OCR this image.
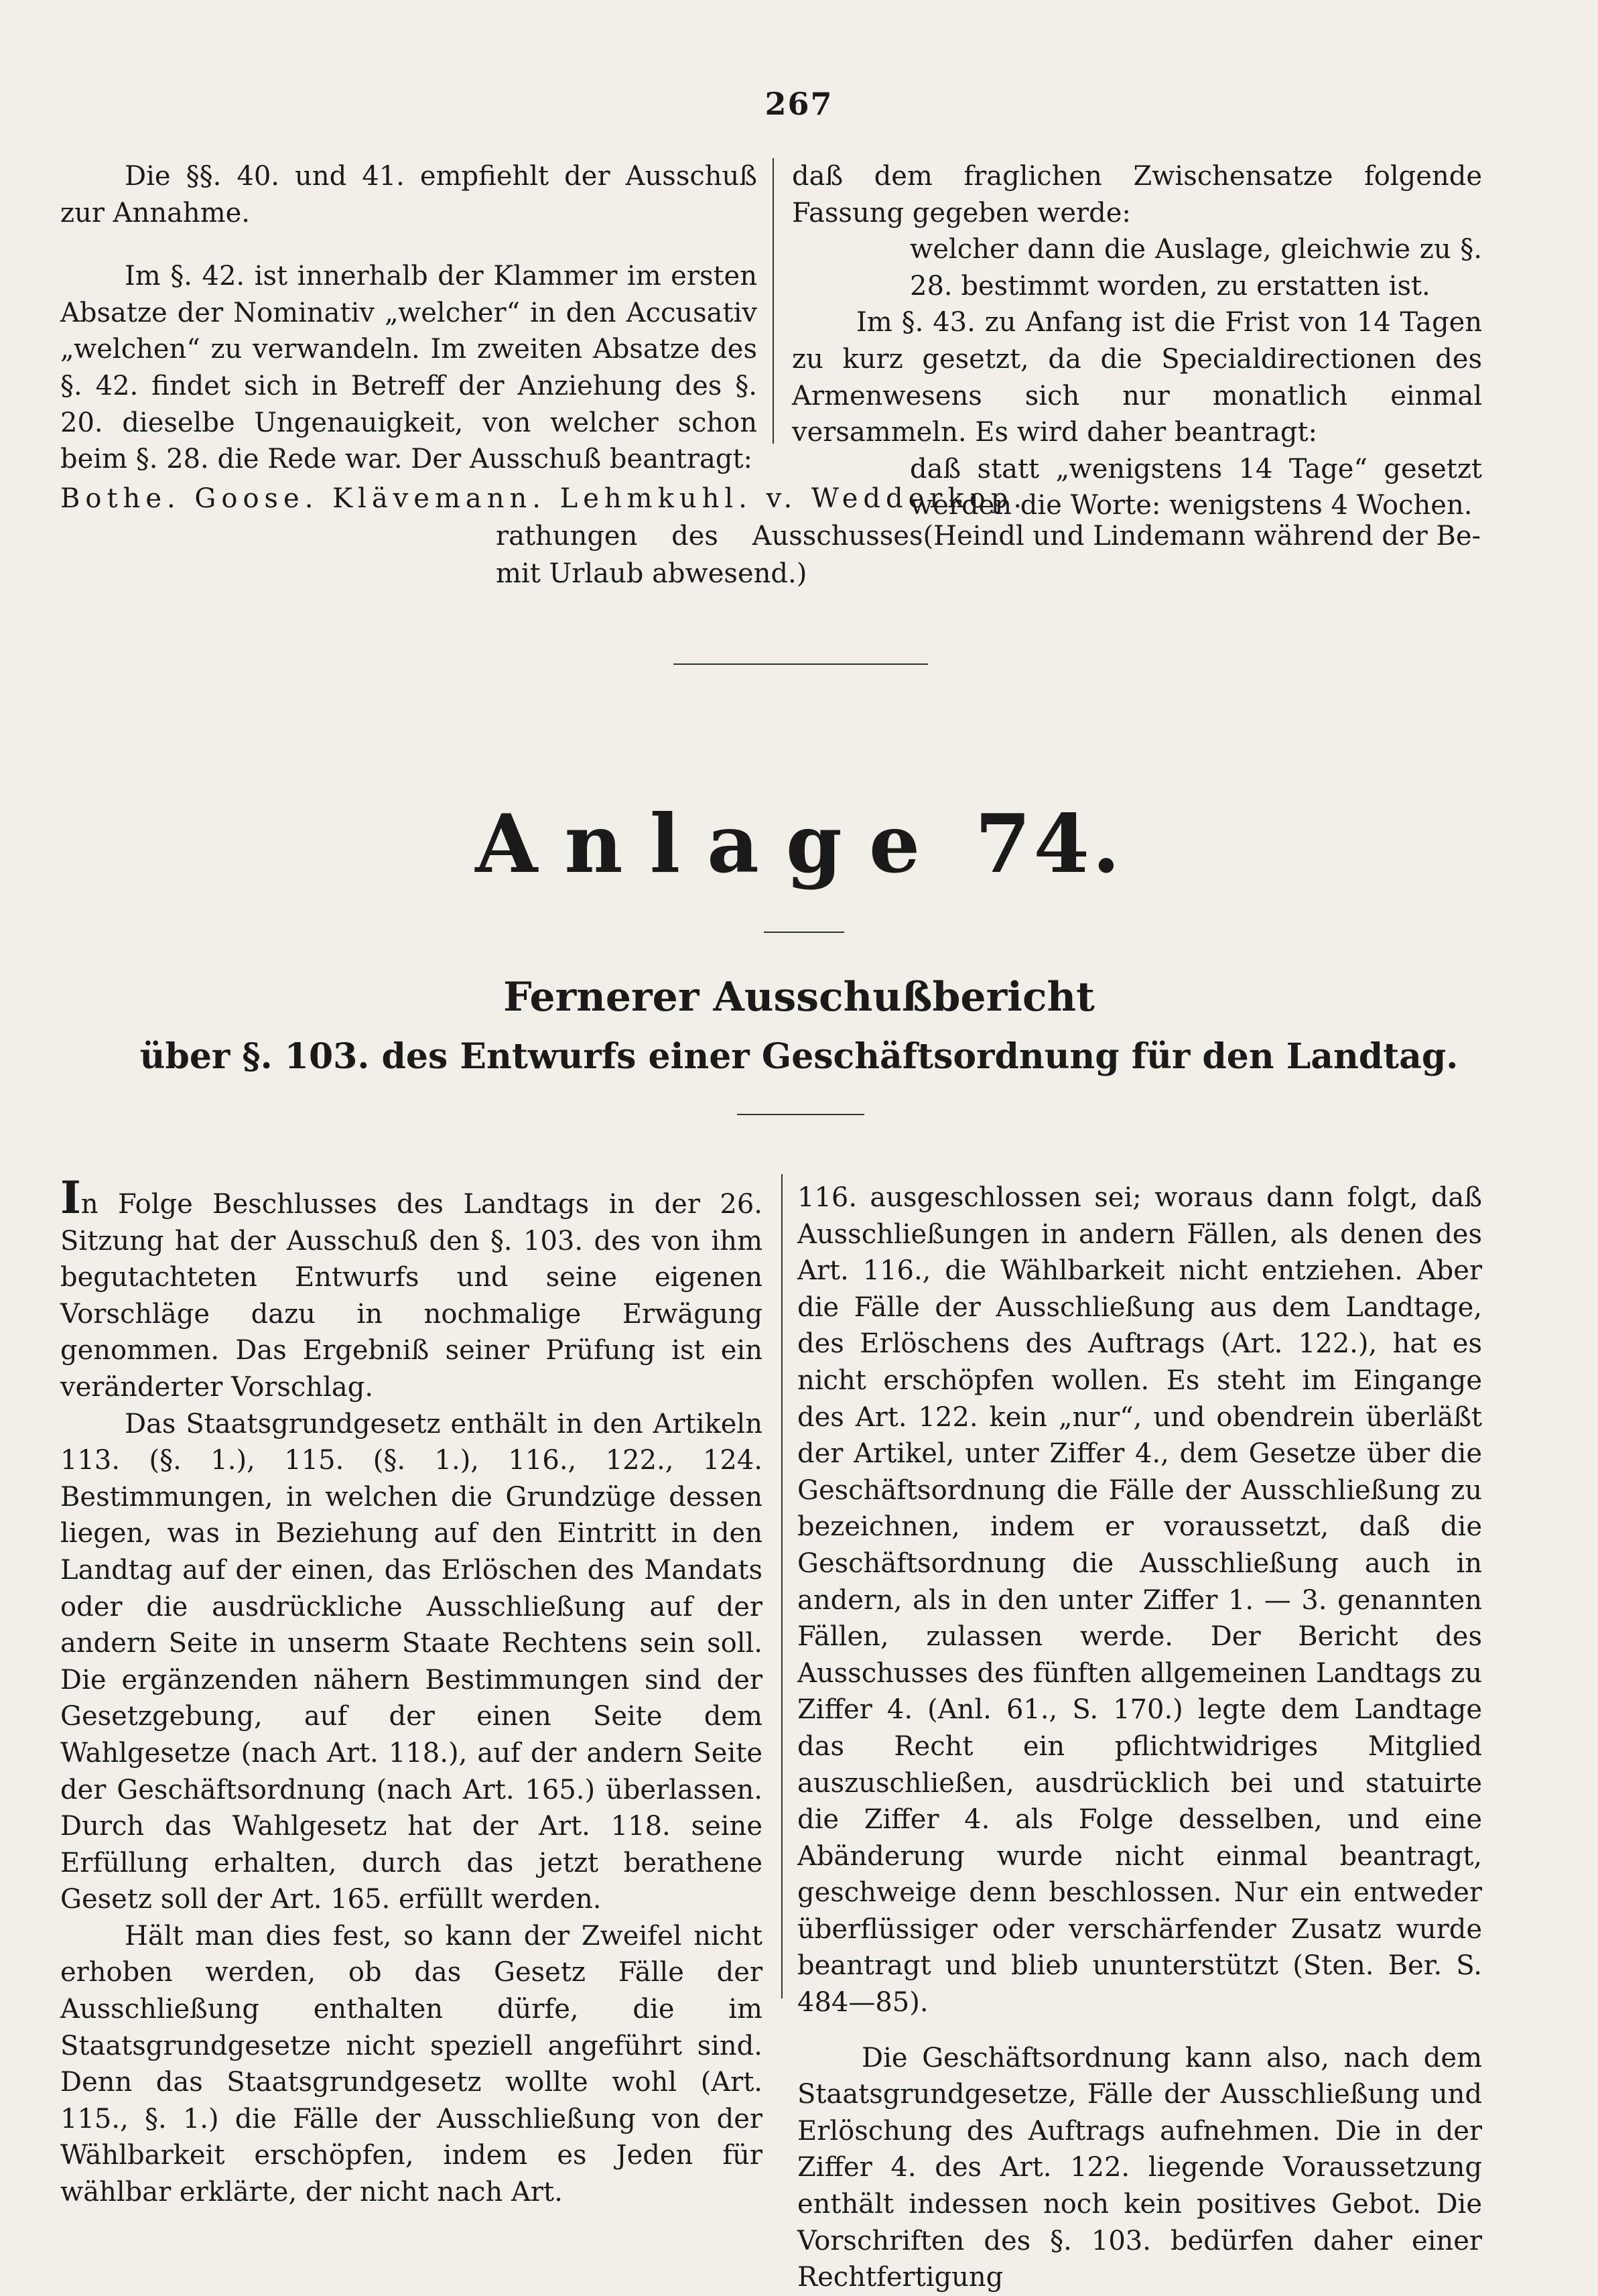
267

Die §§. 40. und 41. empfiehlt der Ausschuß zur Annahme.

Im §. 42. ist innerhalb der Klammer im ersten Absatze der Nominativ „welcher“ in den Accusativ „welchen“ zu verwandeln. Im zweiten Absatze des §. 42. findet sich in Betreff der Anziehung des §. 20. dieselbe Ungenauigkeit, von welcher schon beim §. 28. die Rede war. Der Ausschuß beantragt:

daß dem fraglichen Zwischensatze folgende Fassung gegeben werde:

welcher dann die Auslage, gleichwie zu §. 28. bestimmt worden, zu erstatten ist.

Im §. 43. zu Anfang ist die Frist von 14 Tagen zu kurz gesetzt, da die Specialdirectionen des Armenwesens sich nur monatlich einmal versammeln. Es wird daher beantragt:

daß statt „wenigstens 14 Tage“ gesetzt werden die Worte: wenigstens 4 Wochen.

Bothe. Goose. Klävemann. Lehmkuhl. v. Wedderkop.
(Heindl und Lindemann während der Be-
rathungen des Ausschusses mit Urlaub abwesend.)
Anlage 74.
Fernerer Ausschußbericht
über §. 103. des Entwurfs einer Geschäftsordnung für den Landtag.

In Folge Beschlusses des Landtags in der 26. Sitzung hat der Ausschuß den §. 103. des von ihm begutachteten Entwurfs und seine eigenen Vorschläge dazu in nochmalige Erwägung genommen. Das Ergebniß seiner Prüfung ist ein veränderter Vorschlag.

Das Staatsgrundgesetz enthält in den Artikeln 113. (§. 1.), 115. (§. 1.), 116., 122., 124. Bestimmungen, in welchen die Grundzüge dessen liegen, was in Beziehung auf den Eintritt in den Landtag auf der einen, das Erlöschen des Mandats oder die ausdrückliche Ausschließung auf der andern Seite in unserm Staate Rechtens sein soll. Die ergänzenden nähern Bestimmungen sind der Gesetzgebung, auf der einen Seite dem Wahlgesetze (nach Art. 118.), auf der andern Seite der Geschäftsordnung (nach Art. 165.) überlassen. Durch das Wahlgesetz hat der Art. 118. seine Erfüllung erhalten, durch das jetzt berathene Gesetz soll der Art. 165. erfüllt werden.

Hält man dies fest, so kann der Zweifel nicht erhoben werden, ob das Gesetz Fälle der Ausschließung enthalten dürfe, die im Staatsgrundgesetze nicht speziell angeführt sind. Denn das Staatsgrundgesetz wollte wohl (Art. 115., §. 1.) die Fälle der Ausschließung von der Wählbarkeit erschöpfen, indem es Jeden für wählbar erklärte, der nicht nach Art.

116. ausgeschlossen sei; woraus dann folgt, daß Ausschließungen in andern Fällen, als denen des Art. 116., die Wählbarkeit nicht entziehen. Aber die Fälle der Ausschließung aus dem Landtage, des Erlöschens des Auftrags (Art. 122.), hat es nicht erschöpfen wollen. Es steht im Eingange des Art. 122. kein „nur“, und obendrein überläßt der Artikel, unter Ziffer 4., dem Gesetze über die Geschäftsordnung die Fälle der Ausschließung zu bezeichnen, indem er voraussetzt, daß die Geschäftsordnung die Ausschließung auch in andern, als in den unter Ziffer 1. — 3. genannten Fällen, zulassen werde. Der Bericht des Ausschusses des fünften allgemeinen Landtags zu Ziffer 4. (Anl. 61., S. 170.) legte dem Landtage das Recht ein pflichtwidriges Mitglied auszuschließen, ausdrücklich bei und statuirte die Ziffer 4. als Folge desselben, und eine Abänderung wurde nicht einmal beantragt, geschweige denn beschlossen. Nur ein entweder überflüssiger oder verschärfender Zusatz wurde beantragt und blieb ununterstützt (Sten. Ber. S. 484—85).

Die Geschäftsordnung kann also, nach dem Staatsgrundgesetze, Fälle der Ausschließung und Erlöschung des Auftrags aufnehmen. Die in der Ziffer 4. des Art. 122. liegende Voraussetzung enthält indessen noch kein positives Gebot. Die Vorschriften des §. 103. bedürfen daher einer Rechtfertigung
